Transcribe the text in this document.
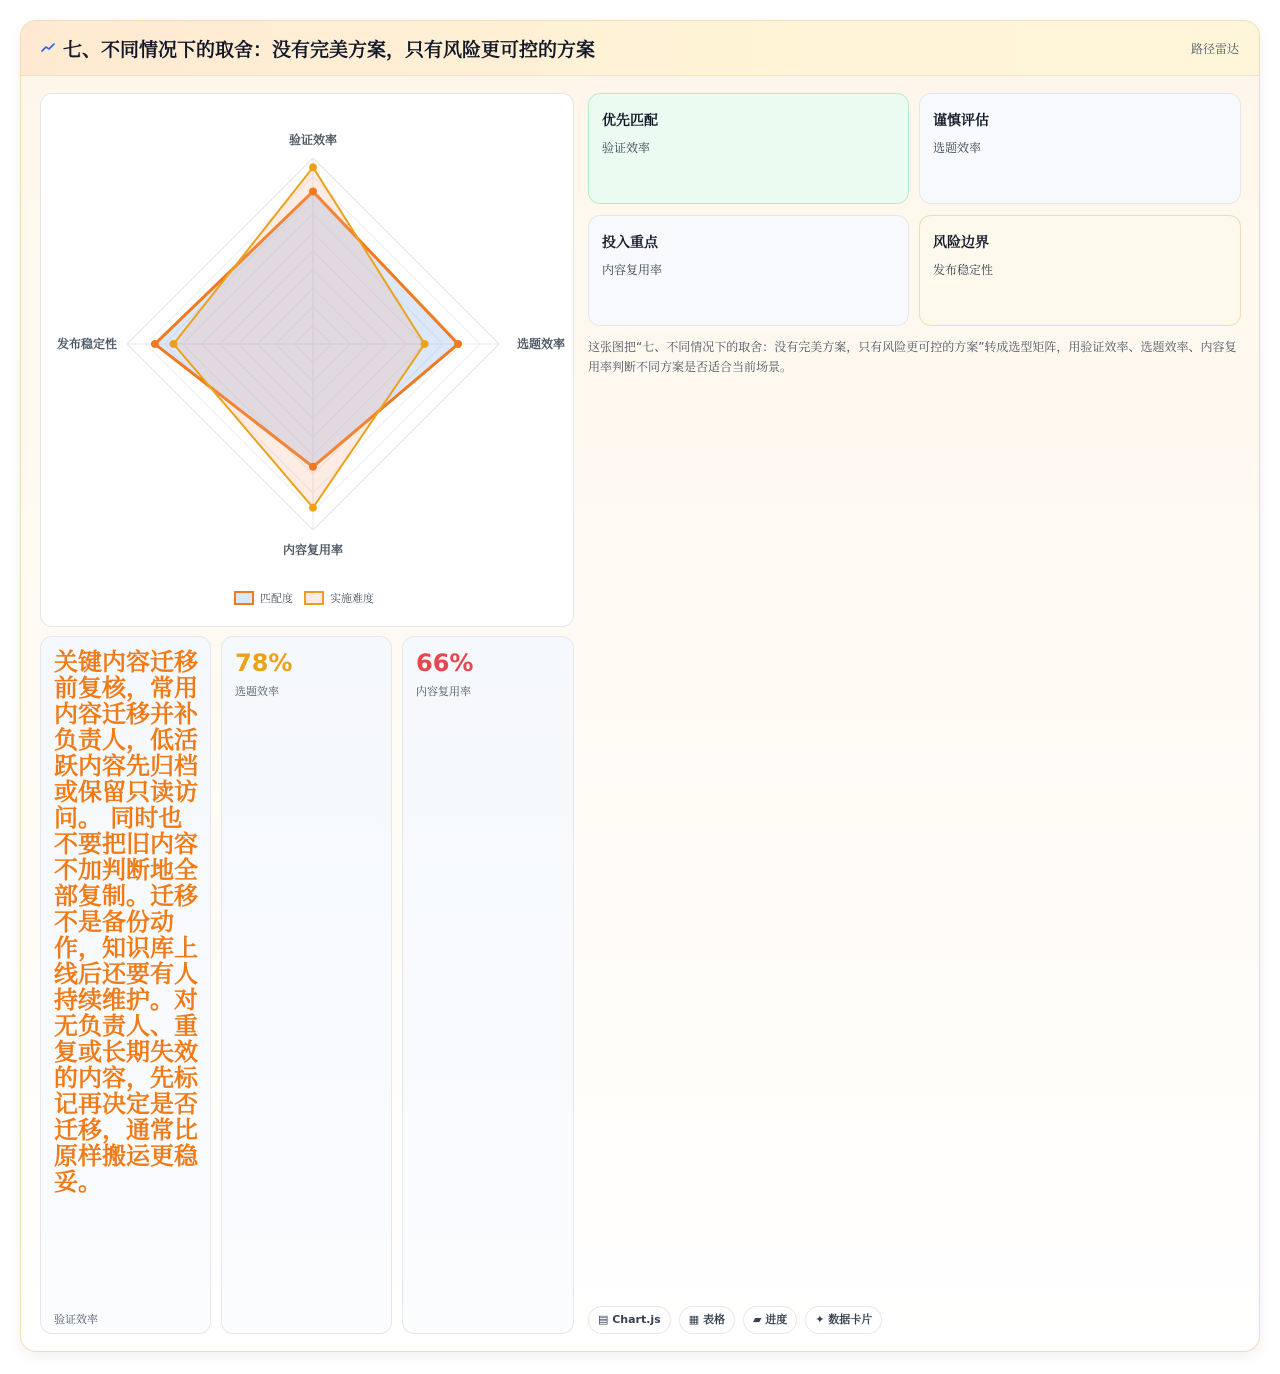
七、不同情况下的取舍：没有完美方案，只有风险更可控的方案	路径雷达
验证效率
选题效率
内容复用率
发布稳定性
匹配度	实施难度
优先匹配
验证效率
谨慎评估
选题效率
投入重点
内容复用率
风险边界
发布稳定性
这张图把“七、不同情况下的取舍：没有完美方案，只有风险更可控的方案”转成选型矩阵，用验证效率、选题效率、内容复用率判断不同方案是否适合当前场景。
关键内容迁移前复核，常用内容迁移并补负责人，低活跃内容先归档或保留只读访问。 同时也不要把旧内容不加判断地全部复制。迁移不是备份动作，知识库上线后还要有人持续维护。对无负责人、重复或长期失效的内容，先标记再决定是否迁移，通常比原样搬运更稳妥。
验证效率
78%
选题效率
66%
内容复用率
▤ Chart.js	▦ 表格	▰ 进度	✦ 数据卡片
